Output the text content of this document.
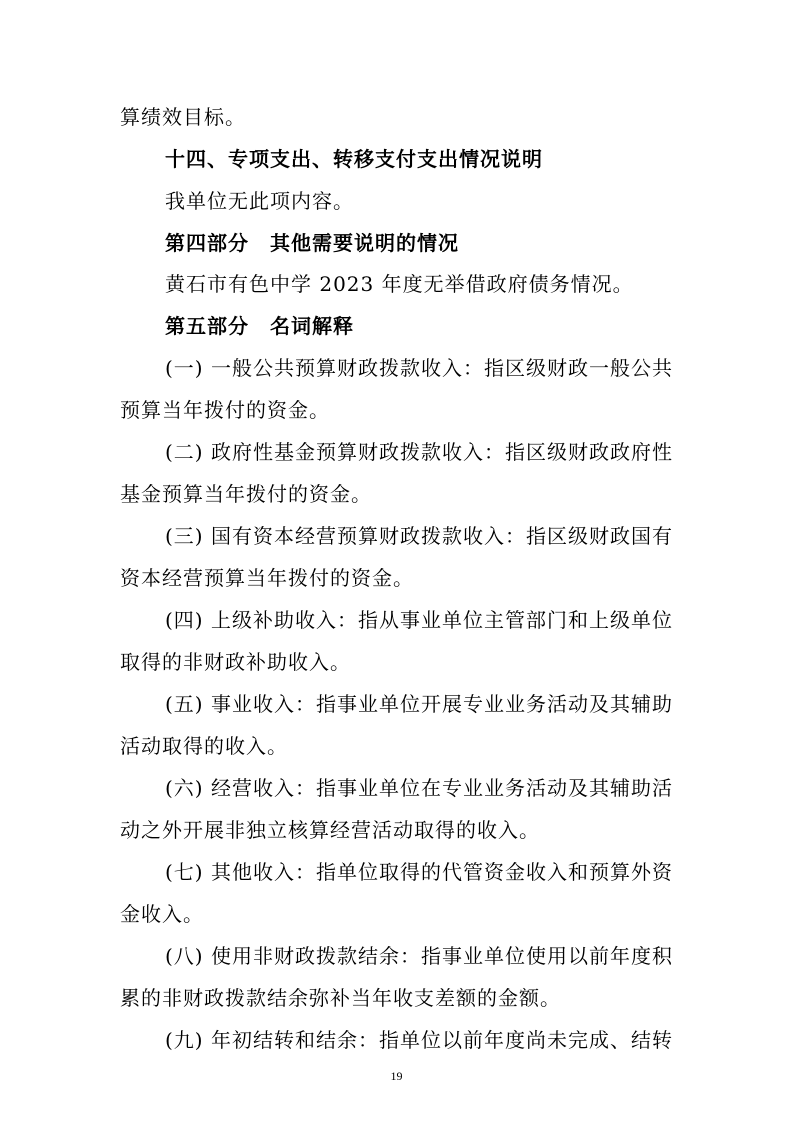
算绩效目标。
十四、专项支出、转移支付支出情况说明
我单位无此项内容。
第四部分　其他需要说明的情况
黄石市有色中学 2023 年度无举借政府债务情况。
第五部分　名词解释
(一) 一般公共预算财政拨款收入：指区级财政一般公共
预算当年拨付的资金。
(二) 政府性基金预算财政拨款收入：指区级财政政府性
基金预算当年拨付的资金。
(三) 国有资本经营预算财政拨款收入：指区级财政国有
资本经营预算当年拨付的资金。
(四) 上级补助收入：指从事业单位主管部门和上级单位
取得的非财政补助收入。
(五) 事业收入：指事业单位开展专业业务活动及其辅助
活动取得的收入。
(六) 经营收入：指事业单位在专业业务活动及其辅助活
动之外开展非独立核算经营活动取得的收入。
(七) 其他收入：指单位取得的代管资金收入和预算外资
金收入。
(八) 使用非财政拨款结余：指事业单位使用以前年度积
累的非财政拨款结余弥补当年收支差额的金额。
(九) 年初结转和结余：指单位以前年度尚未完成、结转
19
